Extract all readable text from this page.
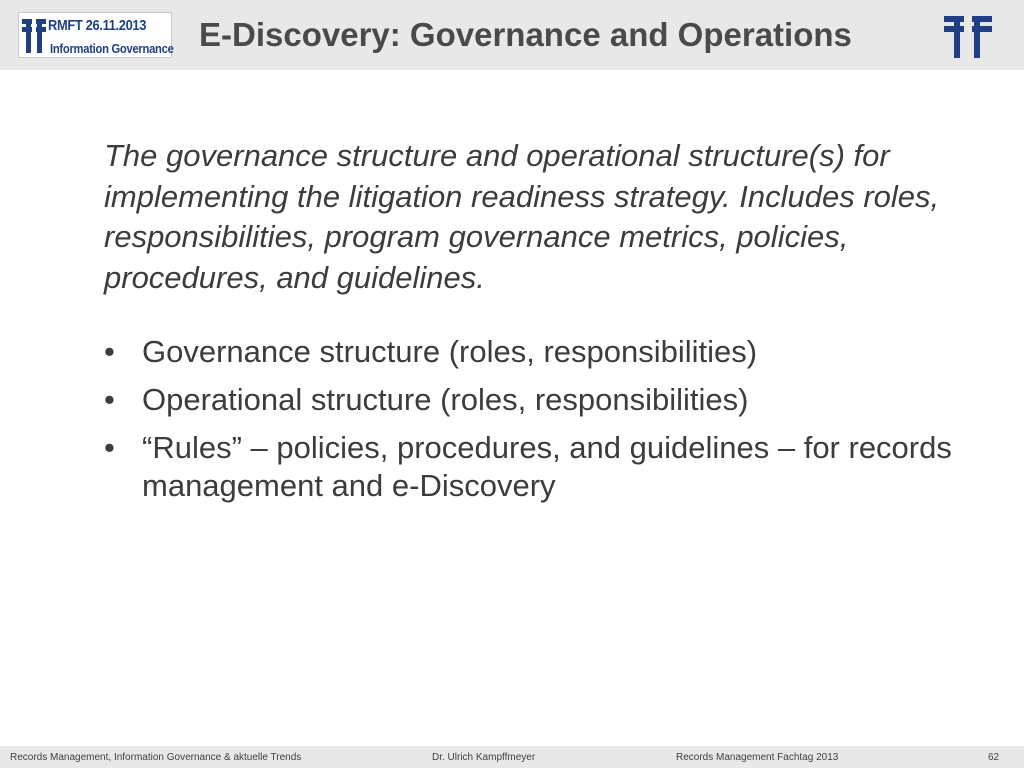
RMFT 26.11.2013
Information Governance E-Discovery: Governance and Operations

The governance structure and operational structure(s) for implementing the litigation readiness strategy. Includes roles, responsibilities, program governance metrics, policies, procedures, and guidelines.

• Governance structure (roles, responsibilities)
• Operational structure (roles, responsibilities)
• “Rules” – policies, procedures, and guidelines – for records management and e-Discovery
Records Management, Information Governance & aktuelle Trends	Dr. Ulrich Kampffmeyer	Records Management Fachtag 2013	62
